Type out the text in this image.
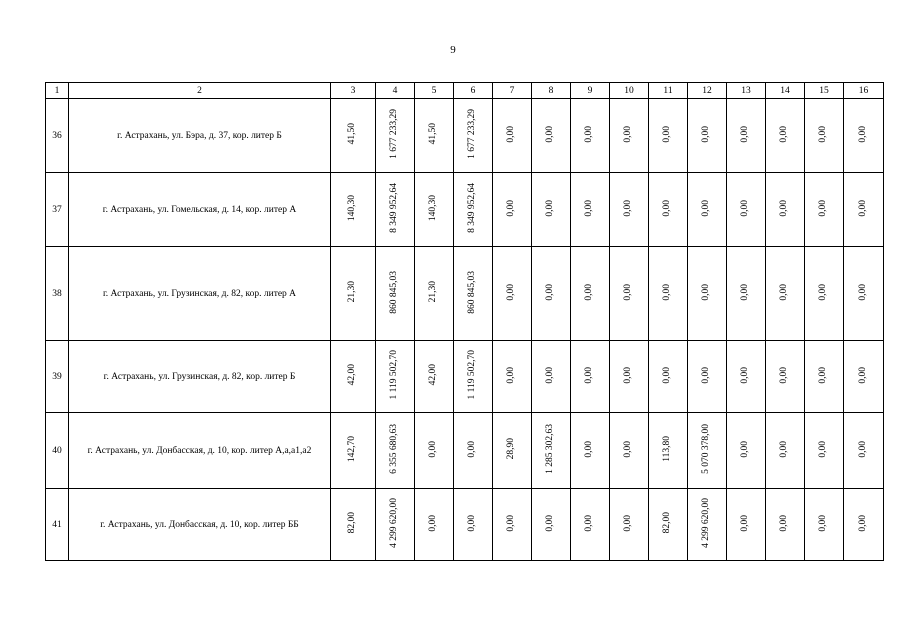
9
1	2	3	4	5	6	7	8	9	10	11	12	13	14	15	16
36	г. Астрахань, ул. Бэра, д. 37, кор. литер Б	41,50	1 677 233,29	41,50	1 677 233,29	0,00	0,00	0,00	0,00	0,00	0,00	0,00	0,00	0,00	0,00
37	г. Астрахань, ул. Гомельская, д. 14, кор. литер А	140,30	8 349 952,64	140,30	8 349 952,64	0,00	0,00	0,00	0,00	0,00	0,00	0,00	0,00	0,00	0,00
38	г. Астрахань, ул. Грузинская, д. 82, кор. литер А	21,30	860 845,03	21,30	860 845,03	0,00	0,00	0,00	0,00	0,00	0,00	0,00	0,00	0,00	0,00
39	г. Астрахань, ул. Грузинская, д. 82, кор. литер Б	42,00	1 119 502,70	42,00	1 119 502,70	0,00	0,00	0,00	0,00	0,00	0,00	0,00	0,00	0,00	0,00
40	г. Астрахань, ул. Донбасская, д. 10, кор. литер А,а,а1,а2	142,70	6 355 680,63	0,00	0,00	28,90	1 285 302,63	0,00	0,00	113,80	5 070 378,00	0,00	0,00	0,00	0,00
41	г. Астрахань, ул. Донбасская, д. 10, кор. литер ББ	82,00	4 299 620,00	0,00	0,00	0,00	0,00	0,00	0,00	82,00	4 299 620,00	0,00	0,00	0,00	0,00
